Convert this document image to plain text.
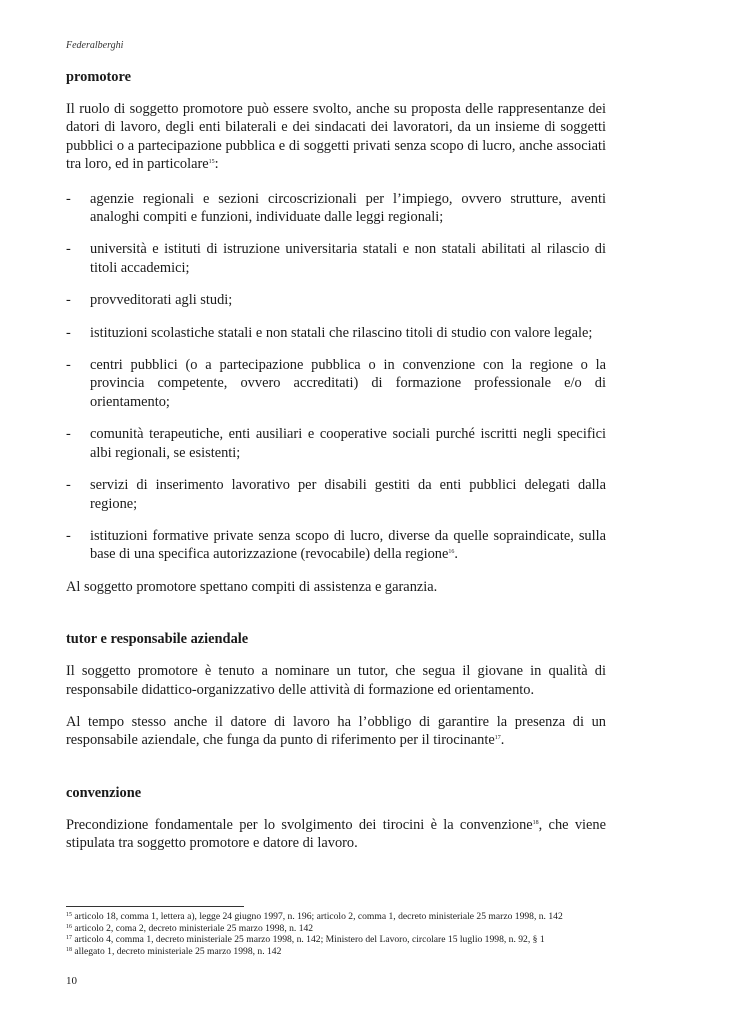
Federalberghi
promotore

Il ruolo di soggetto promotore può essere svolto, anche su proposta delle rappresentanze dei datori di lavoro, degli enti bilaterali e dei sindacati dei lavoratori, da un insieme di soggetti pubblici o a partecipazione pubblica e di soggetti privati senza scopo di lucro, anche associati tra loro, ed in particolare$^{15}$:

- agenzie regionali e sezioni circoscrizionali per l’impiego, ovvero strutture, aventi analoghi compiti e funzioni, individuate dalle leggi regionali;
- università e istituti di istruzione universitaria statali e non statali abilitati al rilascio di titoli accademici;
- provveditorati agli studi;
- istituzioni scolastiche statali e non statali che rilascino titoli di studio con valore legale;
- centri pubblici (o a partecipazione pubblica o in convenzione con la regione o la provincia competente, ovvero accreditati) di formazione professionale e/o di orientamento;
- comunità terapeutiche, enti ausiliari e cooperative sociali purché iscritti negli specifici albi regionali, se esistenti;
- servizi di inserimento lavorativo per disabili gestiti da enti pubblici delegati dalla regione;
- istituzioni formative private senza scopo di lucro, diverse da quelle sopraindicate, sulla base di una specifica autorizzazione (revocabile) della regione$^{16}$.

Al soggetto promotore spettano compiti di assistenza e garanzia.

tutor e responsabile aziendale

Il soggetto promotore è tenuto a nominare un tutor, che segua il giovane in qualità di responsabile didattico-organizzativo delle attività di formazione ed orientamento.

Al tempo stesso anche il datore di lavoro ha l’obbligo di garantire la presenza di un responsabile aziendale, che funga da punto di riferimento per il tirocinante$^{17}$.

convenzione

Precondizione fondamentale per lo svolgimento dei tirocini è la convenzione$^{18}$, che viene stipulata tra soggetto promotore e datore di lavoro.

$^{15}$ articolo 18, comma 1, lettera a), legge 24 giugno 1997, n. 196; articolo 2, comma 1, decreto ministeriale 25 marzo 1998, n. 142
$^{16}$ articolo 2, coma 2, decreto ministeriale 25 marzo 1998, n. 142
$^{17}$ articolo 4, comma 1, decreto ministeriale 25 marzo 1998, n. 142; Ministero del Lavoro, circolare 15 luglio 1998, n. 92, § 1
$^{18}$ allegato 1, decreto ministeriale 25 marzo 1998, n. 142
10
